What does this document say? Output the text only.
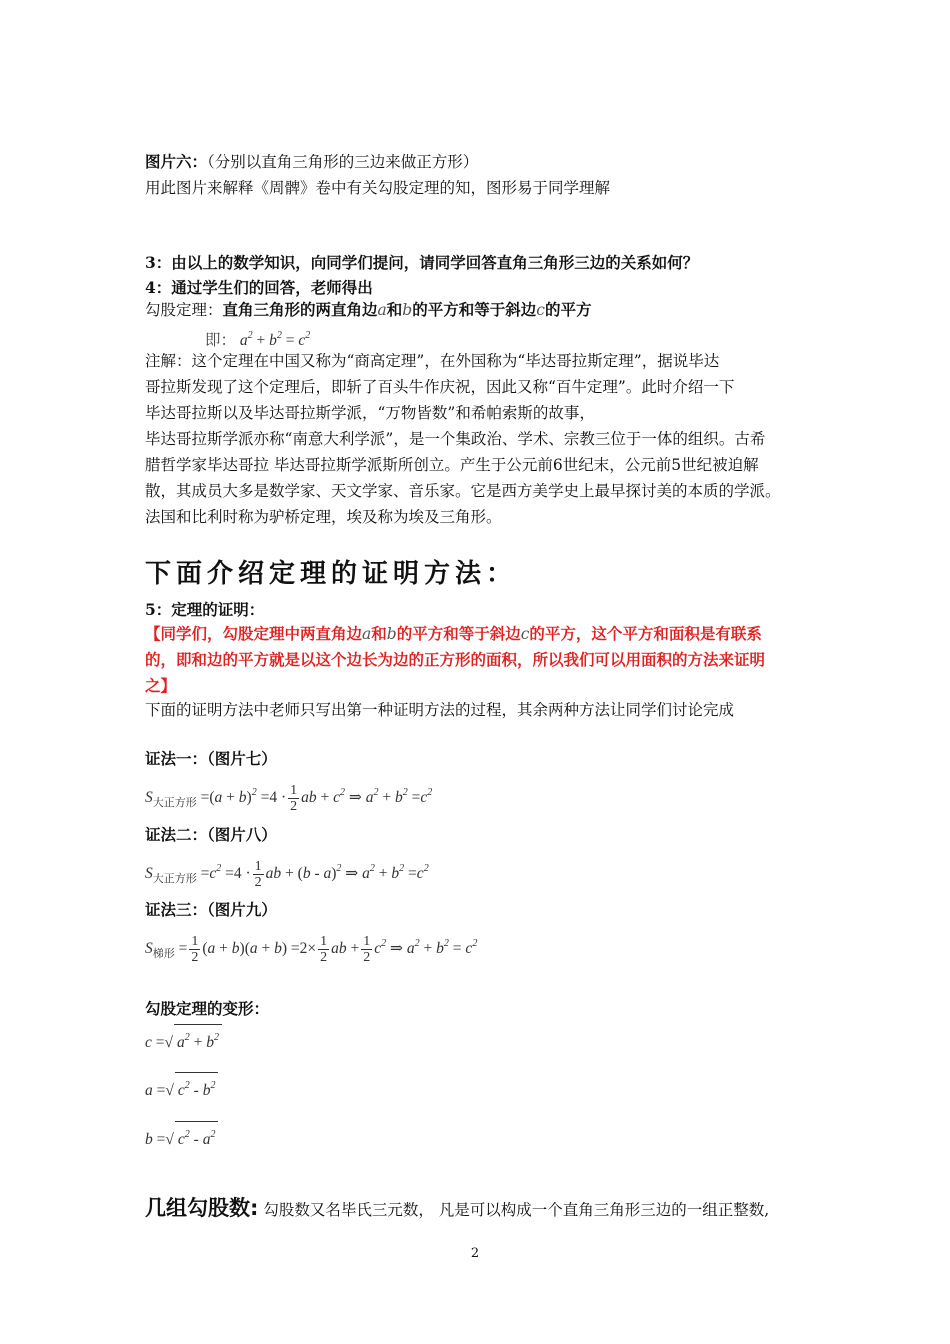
图片六：（分别以直角三角形的三边来做正方形）
用此图片来解释《周髀》卷中有关勾股定理的知，图形易于同学理解
3：由以上的数学知识，向同学们提问，请同学回答直角三角形三边的关系如何？
4：通过学生们的回答，老师得出
勾股定理：直角三角形的两直角边a和b的平方和等于斜边c的平方
即： $a^2 + b^2 = c^2$
注解：这个定理在中国又称为“商高定理”，在外国称为“毕达哥拉斯定理”，据说毕达
哥拉斯发现了这个定理后，即斩了百头牛作庆祝，因此又称“百牛定理”。此时介绍一下
毕达哥拉斯以及毕达哥拉斯学派，“万物皆数”和希帕索斯的故事，
毕达哥拉斯学派亦称“南意大利学派”，是一个集政治、学术、宗教三位于一体的组织。古希
腊哲学家毕达哥拉 毕达哥拉斯学派斯所创立。产生于公元前6世纪末，公元前5世纪被迫解
散，其成员大多是数学家、天文学家、音乐家。它是西方美学史上最早探讨美的本质的学派。
法国和比利时称为驴桥定理，埃及称为埃及三角形。
下面介绍定理的证明方法：
5：定理的证明：
【同学们，勾股定理中两直角边a和b的平方和等于斜边c的平方，这个平方和面积是有联系
的，即和边的平方就是以这个边长为边的正方形的面积，所以我们可以用面积的方法来证明
之】
下面的证明方法中老师只写出第一种证明方法的过程，其余两种方法让同学们讨论完成
证法一：（图片七）
$S_{大正方形} =(a + b)^2 =4 \cdot \frac{1}{2}$ ab + $c^2$ ⇒ $a^2 + b^2 =c^2$
证法二：（图片八）
$S_{大正方形} =c^2 =4 \cdot \frac{1}{2}$ ab + (b - a)$^2$ ⇒ $a^2 + b^2 =c^2$
证法三：（图片九）
$S_{梯形} = \frac{1}{2} (a + b)(a + b) =2\times \frac{1}{2}$ ab + $\frac{1}{2} c^2$ ⇒ $a^2 + b^2 = c^2$
勾股定理的变形：
c =√ $a^2 + b^2$
a =√ $c^2 - b^2$
b =√ $c^2 - a^2$
几组勾股数: 勾股数又名毕氏三元数， 凡是可以构成一个直角三角形三边的一组正整数,
2
